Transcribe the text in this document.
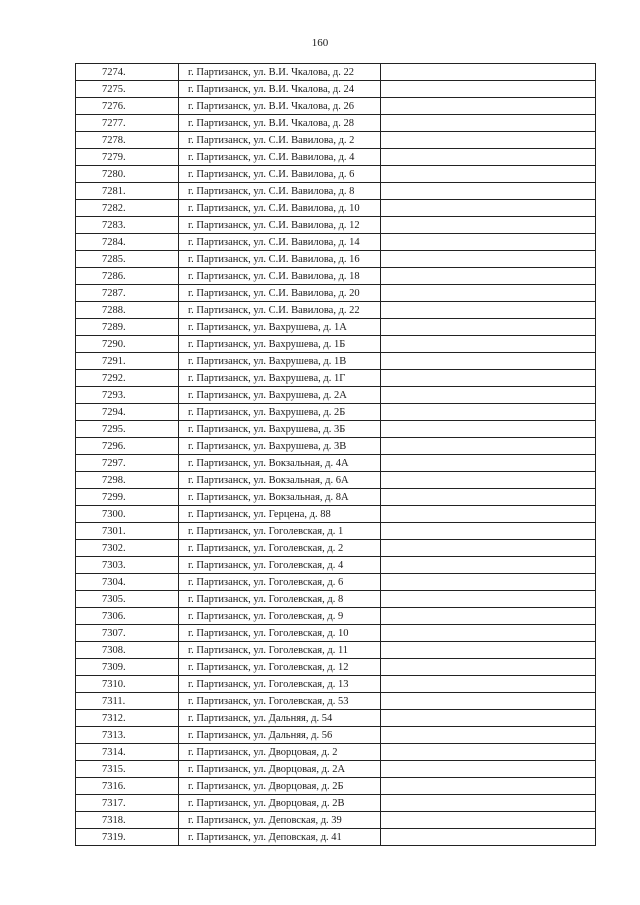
160
7274.	г. Партизанск, ул. В.И. Чкалова, д. 22	
7275.	г. Партизанск, ул. В.И. Чкалова, д. 24	
7276.	г. Партизанск, ул. В.И. Чкалова, д. 26	
7277.	г. Партизанск, ул. В.И. Чкалова, д. 28	
7278.	г. Партизанск, ул. С.И. Вавилова, д. 2	
7279.	г. Партизанск, ул. С.И. Вавилова, д. 4	
7280.	г. Партизанск, ул. С.И. Вавилова, д. 6	
7281.	г. Партизанск, ул. С.И. Вавилова, д. 8	
7282.	г. Партизанск, ул. С.И. Вавилова, д. 10	
7283.	г. Партизанск, ул. С.И. Вавилова, д. 12	
7284.	г. Партизанск, ул. С.И. Вавилова, д. 14	
7285.	г. Партизанск, ул. С.И. Вавилова, д. 16	
7286.	г. Партизанск, ул. С.И. Вавилова, д. 18	
7287.	г. Партизанск, ул. С.И. Вавилова, д. 20	
7288.	г. Партизанск, ул. С.И. Вавилова, д. 22	
7289.	г. Партизанск, ул. Вахрушева, д. 1А	
7290.	г. Партизанск, ул. Вахрушева, д. 1Б	
7291.	г. Партизанск, ул. Вахрушева, д. 1В	
7292.	г. Партизанск, ул. Вахрушева, д. 1Г	
7293.	г. Партизанск, ул. Вахрушева, д. 2А	
7294.	г. Партизанск, ул. Вахрушева, д. 2Б	
7295.	г. Партизанск, ул. Вахрушева, д. 3Б	
7296.	г. Партизанск, ул. Вахрушева, д. 3В	
7297.	г. Партизанск, ул. Вокзальная, д. 4А	
7298.	г. Партизанск, ул. Вокзальная, д. 6А	
7299.	г. Партизанск, ул. Вокзальная, д. 8А	
7300.	г. Партизанск, ул. Герцена, д. 88	
7301.	г. Партизанск, ул. Гоголевская, д. 1	
7302.	г. Партизанск, ул. Гоголевская, д. 2	
7303.	г. Партизанск, ул. Гоголевская, д. 4	
7304.	г. Партизанск, ул. Гоголевская, д. 6	
7305.	г. Партизанск, ул. Гоголевская, д. 8	
7306.	г. Партизанск, ул. Гоголевская, д. 9	
7307.	г. Партизанск, ул. Гоголевская, д. 10	
7308.	г. Партизанск, ул. Гоголевская, д. 11	
7309.	г. Партизанск, ул. Гоголевская, д. 12	
7310.	г. Партизанск, ул. Гоголевская, д. 13	
7311.	г. Партизанск, ул. Гоголевская, д. 53	
7312.	г. Партизанск, ул. Дальняя, д. 54	
7313.	г. Партизанск, ул. Дальняя, д. 56	
7314.	г. Партизанск, ул. Дворцовая, д. 2	
7315.	г. Партизанск, ул. Дворцовая, д. 2А	
7316.	г. Партизанск, ул. Дворцовая, д. 2Б	
7317.	г. Партизанск, ул. Дворцовая, д. 2В	
7318.	г. Партизанск, ул. Деповская, д. 39	
7319.	г. Партизанск, ул. Деповская, д. 41	
